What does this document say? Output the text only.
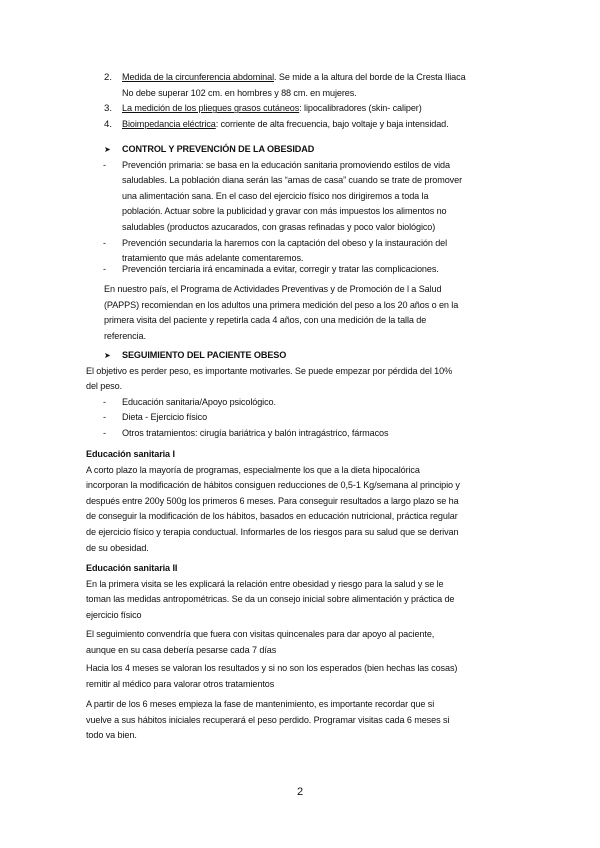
2. Medida de la circunferencia abdominal. Se mide a la altura del borde de la Cresta Iliaca
No debe superar 102 cm. en hombres y 88 cm. en mujeres.
3. La medición de los pliegues grasos cutáneos: lipocalibradores (skin- caliper)
4. Bioimpedancia eléctrica: corriente de alta frecuencia, bajo voltaje y baja intensidad.
➤ CONTROL Y PREVENCIÓN DE LA OBESIDAD
- Prevención primaria: se basa en la educación sanitaria promoviendo estilos de vida
saludables. La población diana serán las “amas de casa” cuando se trate de promover
una alimentación sana. En el caso del ejercicio físico nos dirigiremos a toda la
población. Actuar sobre la publicidad y gravar con más impuestos los alimentos no
saludables (productos azucarados, con grasas refinadas y poco valor biológico)
- Prevención secundaria la haremos con la captación del obeso y la instauración del
tratamiento que más adelante comentaremos.
- Prevención terciaria irá encaminada a evitar, corregir y tratar las complicaciones.
En nuestro país, el Programa de Actividades Preventivas y de Promoción de l a Salud
(PAPPS) recomiendan en los adultos una primera medición del peso a los 20 años o en la
primera visita del paciente y repetirla cada 4 años, con una medición de la talla de
referencia.
➤ SEGUIMIENTO DEL PACIENTE OBESO
El objetivo es perder peso, es importante motivarles. Se puede empezar por pérdida del 10%
del peso.
- Educación sanitaria/Apoyo psicológico.
- Dieta - Ejercicio físico
- Otros tratamientos: cirugía bariátrica y balón intragástrico, fármacos
Educación sanitaria I
A corto plazo la mayoría de programas, especialmente los que a la dieta hipocalórica
incorporan la modificación de hábitos consiguen reducciones de 0,5-1 Kg/semana al principio y
después entre 200y 500g los primeros 6 meses. Para conseguir resultados a largo plazo se ha
de conseguir la modificación de los hábitos, basados en educación nutricional, práctica regular
de ejercicio físico y terapia conductual. Informarles de los riesgos para su salud que se derivan
de su obesidad.
Educación sanitaria II
En la primera visita se les explicará la relación entre obesidad y riesgo para la salud y se le
toman las medidas antropométricas. Se da un consejo inicial sobre alimentación y práctica de
ejercicio físico
El seguimiento convendría que fuera con visitas quincenales para dar apoyo al paciente,
aunque en su casa debería pesarse cada 7 días
Hacia los 4 meses se valoran los resultados y si no son los esperados (bien hechas las cosas)
remitir al médico para valorar otros tratamientos
A partir de los 6 meses empieza la fase de mantenimiento, es importante recordar que si
vuelve a sus hábitos iniciales recuperará el peso perdido. Programar visitas cada 6 meses si
todo va bien.
2
